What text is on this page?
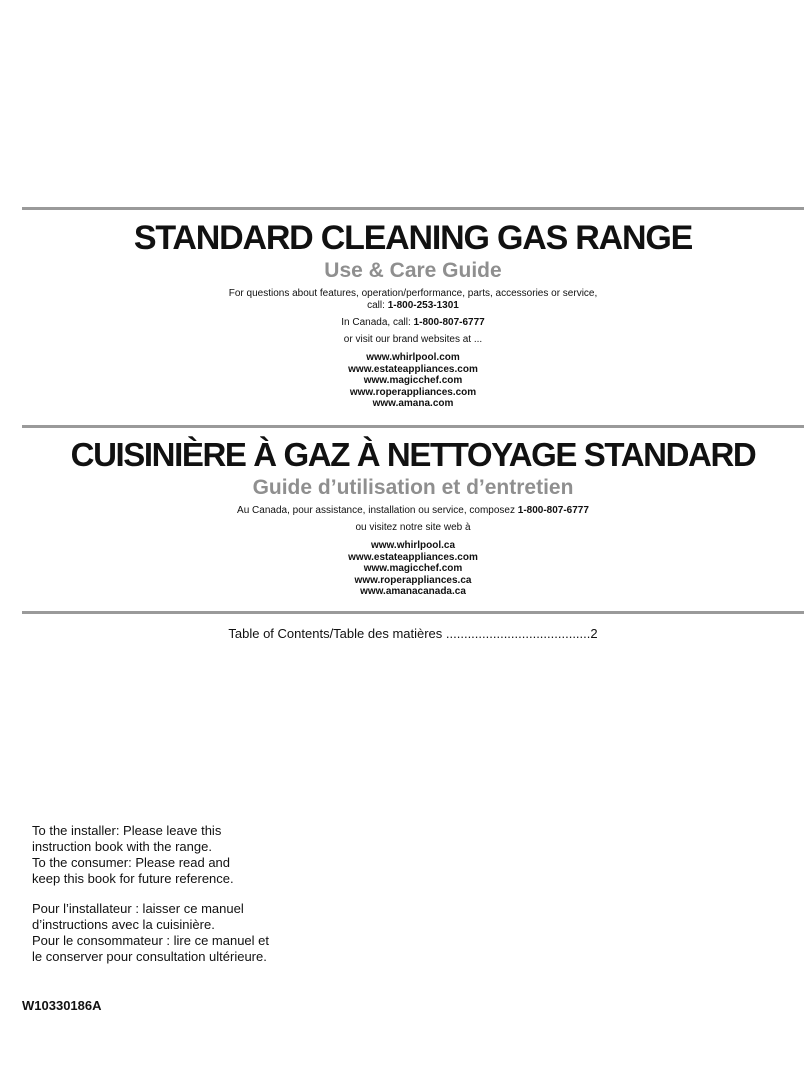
STANDARD CLEANING GAS RANGE
Use & Care Guide

For questions about features, operation/performance, parts, accessories or service,

call: 1-800-253-1301

In Canada, call: 1-800-807-6777

or visit our brand websites at ...

www.whirlpool.com
www.estateappliances.com
www.magicchef.com
www.roperappliances.com
www.amana.com
CUISINIÈRE À GAZ À NETTOYAGE STANDARD
Guide d’utilisation et d’entretien

Au Canada, pour assistance, installation ou service, composez 1-800-807-6777

ou visitez notre site web à

www.whirlpool.ca
www.estateappliances.com
www.magicchef.com
www.roperappliances.ca
www.amanacanada.ca
Table of Contents/Table des matières ........................................2
To the installer: Please leave this
instruction book with the range.
To the consumer: Please read and
keep this book for future reference.
Pour l’installateur : laisser ce manuel
d’instructions avec la cuisinière.
Pour le consommateur : lire ce manuel et
le conserver pour consultation ultérieure.
W10330186A
